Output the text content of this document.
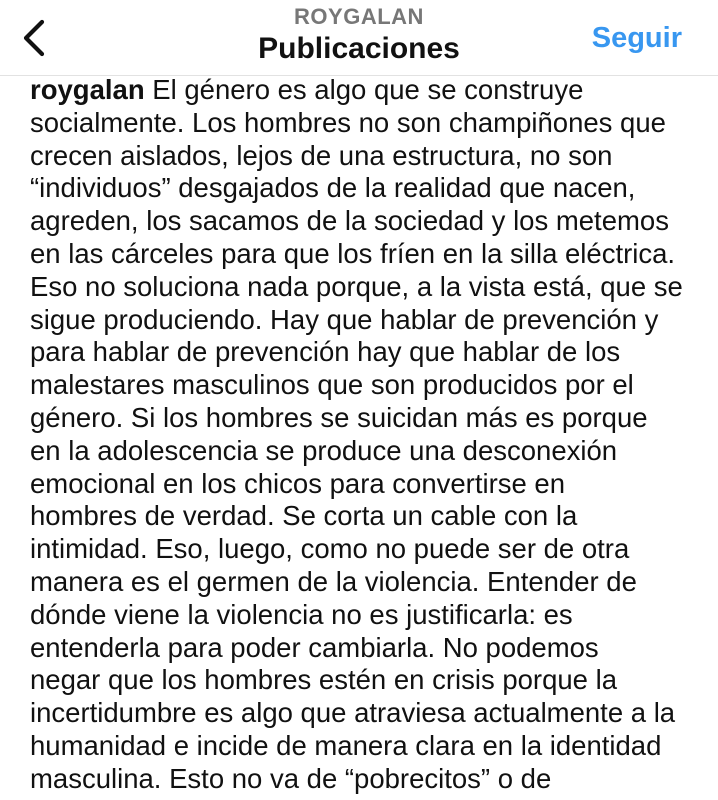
ROYGALAN
Publicaciones	Seguir
roygalan El género es algo que se construye
socialmente. Los hombres no son champiñones que
crecen aislados, lejos de una estructura, no son
“individuos” desgajados de la realidad que nacen,
agreden, los sacamos de la sociedad y los metemos
en las cárceles para que los fríen en la silla eléctrica.
Eso no soluciona nada porque, a la vista está, que se
sigue produciendo. Hay que hablar de prevención y
para hablar de prevención hay que hablar de los
malestares masculinos que son producidos por el
género. Si los hombres se suicidan más es porque
en la adolescencia se produce una desconexión
emocional en los chicos para convertirse en
hombres de verdad. Se corta un cable con la
intimidad. Eso, luego, como no puede ser de otra
manera es el germen de la violencia. Entender de
dónde viene la violencia no es justificarla: es
entenderla para poder cambiarla. No podemos
negar que los hombres estén en crisis porque la
incertidumbre es algo que atraviesa actualmente a la
humanidad e incide de manera clara en la identidad
masculina. Esto no va de “pobrecitos” o de
